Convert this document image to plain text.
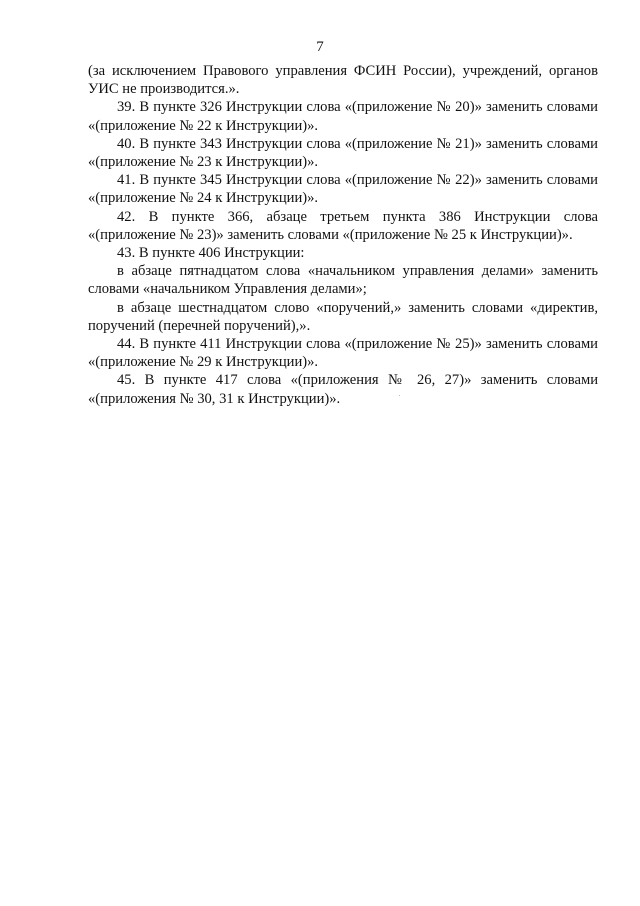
7

(за исключением Правового управления ФСИН России), учреждений, органов УИС не производится.».

39. В пункте 326 Инструкции слова «(приложение № 20)» заменить словами «(приложение № 22 к Инструкции)».

40. В пункте 343 Инструкции слова «(приложение № 21)» заменить словами «(приложение № 23 к Инструкции)».

41. В пункте 345 Инструкции слова «(приложение № 22)» заменить словами «(приложение № 24 к Инструкции)».

42. В пункте 366, абзаце третьем пункта 386 Инструкции слова «(приложение № 23)» заменить словами «(приложение № 25 к Инструкции)».

43. В пункте 406 Инструкции:

в абзаце пятнадцатом слова «начальником управления делами» заменить словами «начальником Управления делами»;

в абзаце шестнадцатом слово «поручений,» заменить словами «директив, поручений (перечней поручений),».

44. В пункте 411 Инструкции слова «(приложение № 25)» заменить словами «(приложение № 29 к Инструкции)».

45. В пункте 417 слова «(приложения № 26, 27)» заменить словами «(приложения № 30, 31 к Инструкции)».
